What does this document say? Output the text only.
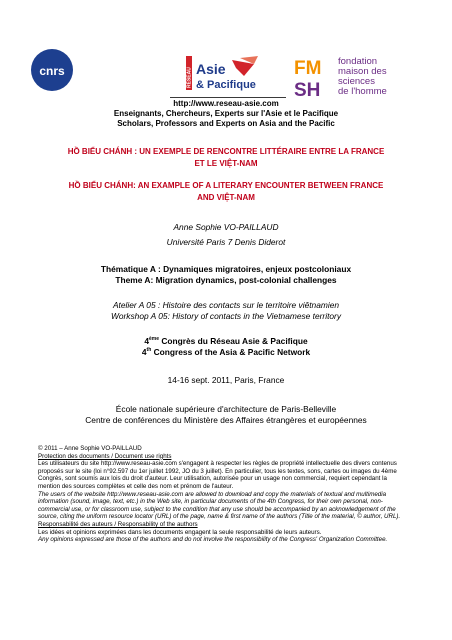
cnrs	RÉSEAU Asie
& Pacifique
FM
SH
fondation
maison des
sciences
de l'homme
http://www.reseau-asie.com
Enseignants, Chercheurs, Experts sur l'Asie et le Pacifique
Scholars, Professors and Experts on Asia and the Pacific
HỒ BIỂU CHÁNH : UN EXEMPLE DE RENCONTRE LITTÉRAIRE ENTRE LA FRANCE
ET LE VIỆT-NAM
HỒ BIỂU CHÁNH: AN EXAMPLE OF A LITERARY ENCOUNTER BETWEEN FRANCE
AND VIỆT-NAM
Anne Sophie VO-PAILLAUD
Université Paris 7 Denis Diderot
Thématique A : Dynamiques migratoires, enjeux postcoloniaux
Theme A: Migration dynamics, post-colonial challenges
Atelier A 05 : Histoire des contacts sur le territoire viêtnamien
Workshop A 05: History of contacts in the Vietnamese territory
4ème Congrès du Réseau Asie & Pacifique
4th Congress of the Asia & Pacific Network
14-16 sept. 2011, Paris, France
École nationale supérieure d'architecture de Paris-Belleville
Centre de conférences du Ministère des Affaires étrangères et européennes
© 2011 – Anne Sophie VO-PAILLAUD
Protection des documents / Document use rights
Les utilisateurs du site http://www.reseau-asie.com s'engagent à respecter les règles de propriété intellectuelle des divers contenus proposés sur le site (loi n°92.597 du 1er juillet 1992, JO du 3 juillet). En particulier, tous les textes, sons, cartes ou images du 4ème Congrès, sont soumis aux lois du droit d'auteur. Leur utilisation, autorisée pour un usage non commercial, requiert cependant la mention des sources complètes et celle des nom et prénom de l'auteur.
The users of the website http://www.reseau-asie.com are allowed to download and copy the materials of textual and multimedia information (sound, image, text, etc.) in the Web site, in particular documents of the 4th Congress, for their own personal, non-commercial use, or for classroom use, subject to the condition that any use should be accompanied by an acknowledgement of the source, citing the uniform resource locator (URL) of the page, name & first name of the authors (Title of the material, © author, URL).
Responsabilité des auteurs / Responsability of the authors
Les idées et opinions exprimées dans les documents engagent la seule responsabilité de leurs auteurs.
Any opinions expressed are those of the authors and do not involve the responsibility of the Congress' Organization Committee.
